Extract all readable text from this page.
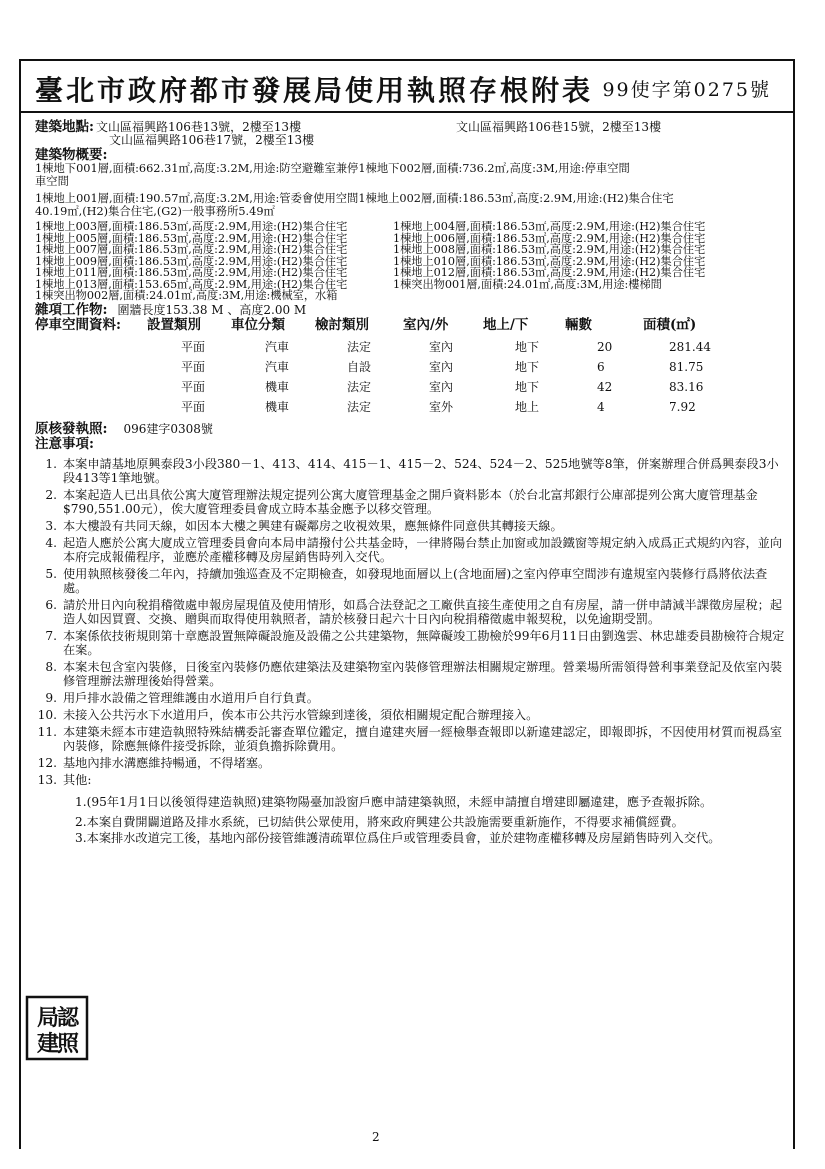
臺北市政府都市發展局使用執照存根附表 99使字第0275號
建築地點: 文山區福興路106巷13號，2樓至13樓	文山區福興路106巷15號，2樓至13樓
文山區福興路106巷17號，2樓至13樓
建築物概要:
1棟地下001層,面積:662.31㎡,高度:3.2M,用途:防空避難室兼停1棟地下002層,面積:736.2㎡,高度:3M,用途:停車空間
車空間
1棟地上001層,面積:190.57㎡,高度:3.2M,用途:管委會使用空間1棟地上002層,面積:186.53㎡,高度:2.9M,用途:(H2)集合住宅
40.19㎡,(H2)集合住宅,(G2)一般事務所5.49㎡
1棟地上003層,面積:186.53㎡,高度:2.9M,用途:(H2)集合住宅
1棟地上005層,面積:186.53㎡,高度:2.9M,用途:(H2)集合住宅
1棟地上007層,面積:186.53㎡,高度:2.9M,用途:(H2)集合住宅
1棟地上009層,面積:186.53㎡,高度:2.9M,用途:(H2)集合住宅
1棟地上011層,面積:186.53㎡,高度:2.9M,用途:(H2)集合住宅
1棟地上013層,面積:153.65㎡,高度:2.9M,用途:(H2)集合住宅
1棟突出物002層,面積:24.01㎡,高度:3M,用途:機械室，水箱
1棟地上004層,面積:186.53㎡,高度:2.9M,用途:(H2)集合住宅
1棟地上006層,面積:186.53㎡,高度:2.9M,用途:(H2)集合住宅
1棟地上008層,面積:186.53㎡,高度:2.9M,用途:(H2)集合住宅
1棟地上010層,面積:186.53㎡,高度:2.9M,用途:(H2)集合住宅
1棟地上012層,面積:186.53㎡,高度:2.9M,用途:(H2)集合住宅
1棟突出物001層,面積:24.01㎡,高度:3M,用途:樓梯間
雜項工作物: 圍牆長度153.38 M 、高度2.00 M
停車空間資料:	設置類別	車位分類	檢討類別	室內/外	地上/下	輛數	面積(㎡)
平面	汽車	法定	室內	地下	20	281.44
平面	汽車	自設	室內	地下	6	81.75
平面	機車	法定	室內	地下	42	83.16
平面	機車	法定	室外	地上	4	7.92
原核發執照: 096建字0308號
注意事項:
1. 本案申請基地原興泰段3小段380－1、413、414、415－1、415－2、524、524－2、525地號等8筆，併案辦理合併爲興泰段3小段413等1筆地號。
2. 本案起造人已出具依公寓大廈管理辦法規定提列公寓大廈管理基金之開戶資料影本（於台北富邦銀行公庫部提列公寓大廈管理基金$790,551.00元），俟大廈管理委員會成立時本基金應予以移交管理。
3. 本大樓設有共同天線，如因本大樓之興建有礙鄰房之收視效果，應無條件同意供其轉接天線。
4. 起造人應於公寓大廈成立管理委員會向本局申請撥付公共基金時，一律將陽台禁止加窗或加設鐵窗等規定納入成爲正式規約內容，並向本府完成報備程序，並應於產權移轉及房屋銷售時列入交代。
5. 使用執照核發後二年內，持續加強巡查及不定期檢查，如發現地面層以上(含地面層)之室內停車空間涉有違規室內裝修行爲將依法查處。
6. 請於卅日內向稅捐稽徵處申報房屋現值及使用情形，如爲合法登記之工廠供直接生產使用之自有房屋，請一併申請減半課徵房屋稅；起造人如因買賣、交換、贈與而取得使用執照者，請於核發日起六十日內向稅捐稽徵處申報契稅，以免逾期受罰。
7. 本案係依技術規則第十章應設置無障礙設施及設備之公共建築物，無障礙竣工勘檢於99年6月11日由劉逸雲、林忠雄委員勘檢符合規定在案。
8. 本案未包含室內裝修，日後室內裝修仍應依建築法及建築物室內裝修管理辦法相關規定辦理。營業場所需領得營利事業登記及依室內裝修管理辦法辦理後始得營業。
9. 用戶排水設備之管理維護由水道用戶自行負責。
10. 未接入公共污水下水道用戶，俟本市公共污水管線到達後，須依相關規定配合辦理接入。
11. 本建築未經本市建造執照特殊結構委託審查單位鑑定，擅自違建夾層一經檢舉查報即以新違建認定，即報即拆，不因使用材質而視爲室內裝修，除應無條件接受拆除，並須負擔拆除費用。
12. 基地內排水溝應維持暢通，不得堵塞。
13. 其他:
1.(95年1月1日以後領得建造執照)建築物陽臺加設窗戶應申請建築執照，未經申請擅自增建即屬違建，應予查報拆除。
2.本案自費開闢道路及排水系統，已切結供公眾使用，將來政府興建公共設施需要重新施作，不得要求補償經費。
3.本案排水改道完工後，基地內部份接管維護清疏單位爲住戶或管理委員會，並於建物產權移轉及房屋銷售時列入交代。
局認
建照
2
